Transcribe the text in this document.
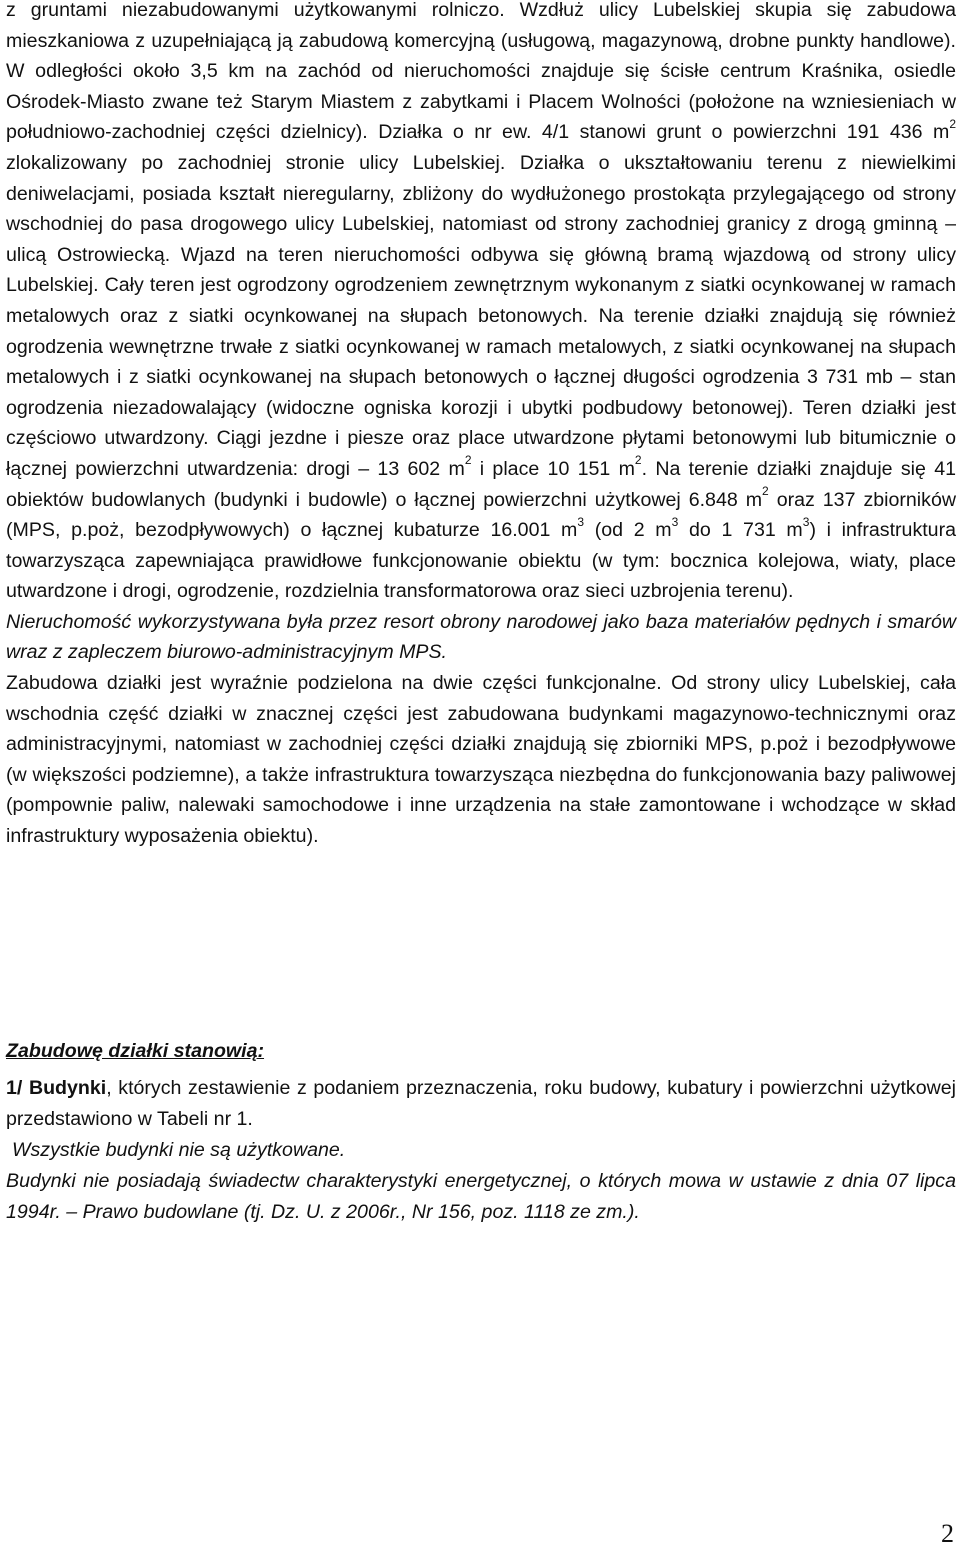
z gruntami niezabudowanymi użytkowanymi rolniczo. Wzdłuż ulicy Lubelskiej skupia się zabudowa mieszkaniowa z uzupełniającą ją zabudową komercyjną (usługową, magazynową, drobne punkty handlowe). W odległości około 3,5 km na zachód od nieruchomości znajduje się ścisłe centrum Kraśnika, osiedle Ośrodek-Miasto zwane też Starym Miastem z zabytkami i Placem Wolności (położone na wzniesieniach w południowo-zachodniej części dzielnicy). Działka o nr ew. 4/1 stanowi grunt o powierzchni 191 436 $m^2$ zlokalizowany po zachodniej stronie ulicy Lubelskiej. Działka o ukształtowaniu terenu z niewielkimi deniwelacjami, posiada kształt nieregularny, zbliżony do wydłużonego prostokąta przylegającego od strony wschodniej do pasa drogowego ulicy Lubelskiej, natomiast od strony zachodniej granicy z drogą gminną – ulicą Ostrowiecką. Wjazd na teren nieruchomości odbywa się główną bramą wjazdową od strony ulicy Lubelskiej. Cały teren jest ogrodzony ogrodzeniem zewnętrznym wykonanym z siatki ocynkowanej w ramach metalowych oraz z siatki ocynkowanej na słupach betonowych. Na terenie działki znajdują się również ogrodzenia wewnętrzne trwałe z siatki ocynkowanej w ramach metalowych, z siatki ocynkowanej na słupach metalowych i z siatki ocynkowanej na słupach betonowych o łącznej długości ogrodzenia 3 731 mb – stan ogrodzenia niezadowalający (widoczne ogniska korozji i ubytki podbudowy betonowej). Teren działki jest częściowo utwardzony. Ciągi jezdne i piesze oraz place utwardzone płytami betonowymi lub bitumicznie o łącznej powierzchni utwardzenia: drogi – 13 602 $m^2$ i place 10 151 $m^2$. Na terenie działki znajduje się 41 obiektów budowlanych (budynki i budowle) o łącznej powierzchni użytkowej 6.848 $m^2$ oraz 137 zbiorników (MPS, p.poż, bezodpływowych) o łącznej kubaturze 16.001 $m^3$ (od 2 $m^3$ do 1 731 $m^3$) i infrastruktura towarzysząca zapewniająca prawidłowe funkcjonowanie obiektu (w tym: bocznica kolejowa, wiaty, place utwardzone i drogi, ogrodzenie, rozdzielnia transformatorowa oraz sieci uzbrojenia terenu).

Nieruchomość wykorzystywana była przez resort obrony narodowej jako baza materiałów pędnych i smarów wraz z zapleczem biurowo-administracyjnym MPS.

Zabudowa działki jest wyraźnie podzielona na dwie części funkcjonalne. Od strony ulicy Lubelskiej, cała wschodnia część działki w znacznej części jest zabudowana budynkami magazynowo-technicznymi oraz administracyjnymi, natomiast w zachodniej części działki znajdują się zbiorniki MPS, p.poż i bezodpływowe (w większości podziemne), a także infrastruktura towarzysząca niezbędna do funkcjonowania bazy paliwowej (pompownie paliw, nalewaki samochodowe i inne urządzenia na stałe zamontowane i wchodzące w skład infrastruktury wyposażenia obiektu).

Zabudowę działki stanowią:

1/ Budynki, których zestawienie z podaniem przeznaczenia, roku budowy, kubatury i powierzchni użytkowej przedstawiono w Tabeli nr 1.

Wszystkie budynki nie są użytkowane.

Budynki nie posiadają świadectw charakterystyki energetycznej, o których mowa w ustawie z dnia 07 lipca 1994r. – Prawo budowlane (tj. Dz. U. z 2006r., Nr 156, poz. 1118 ze zm.).

2
